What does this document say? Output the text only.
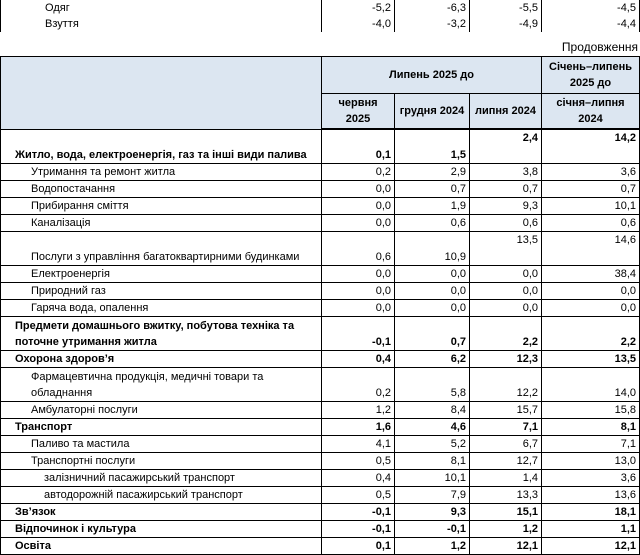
Одяг	-5,2	-6,3	-5,5	-4,5
Взуття	-4,0	-3,2	-4,9	-4,4
Продовження
	Липень 2025 до			Січень–липень 2025 до
	червня 2025	грудня 2024	липня 2024	січня–липня 2024
Житло, вода, електроенергія, газ та інші види палива	0,1	1,5	2,4	14,2
Утримання та ремонт житла	0,2	2,9	3,8	3,6
Водопостачання	0,0	0,7	0,7	0,7
Прибирання сміття	0,0	1,9	9,3	10,1
Каналізація	0,0	0,6	0,6	0,6
Послуги з управління багатоквартирними будинками	0,6	10,9	13,5	14,6
Електроенергія	0,0	0,0	0,0	38,4
Природний газ	0,0	0,0	0,0	0,0
Гаряча вода, опалення	0,0	0,0	0,0	0,0
Предмети домашнього вжитку, побутова техніка та поточне утримання житла	-0,1	0,7	2,2	2,2
Охорона здоров’я	0,4	6,2	12,3	13,5
Фармацевтична продукція, медичні товари та обладнання	0,2	5,8	12,2	14,0
Амбулаторні послуги	1,2	8,4	15,7	15,8
Транспорт	1,6	4,6	7,1	8,1
Паливо та мастила	4,1	5,2	6,7	7,1
Транспортні послуги	0,5	8,1	12,7	13,0
залізничний пасажирський транспорт	0,4	10,1	1,4	3,6
автодорожній пасажирський транспорт	0,5	7,9	13,3	13,6
Зв’язок	-0,1	9,3	15,1	18,1
Відпочинок і культура	-0,1	-0,1	1,2	1,1
Освіта	0,1	1,2	12,1	12,1
